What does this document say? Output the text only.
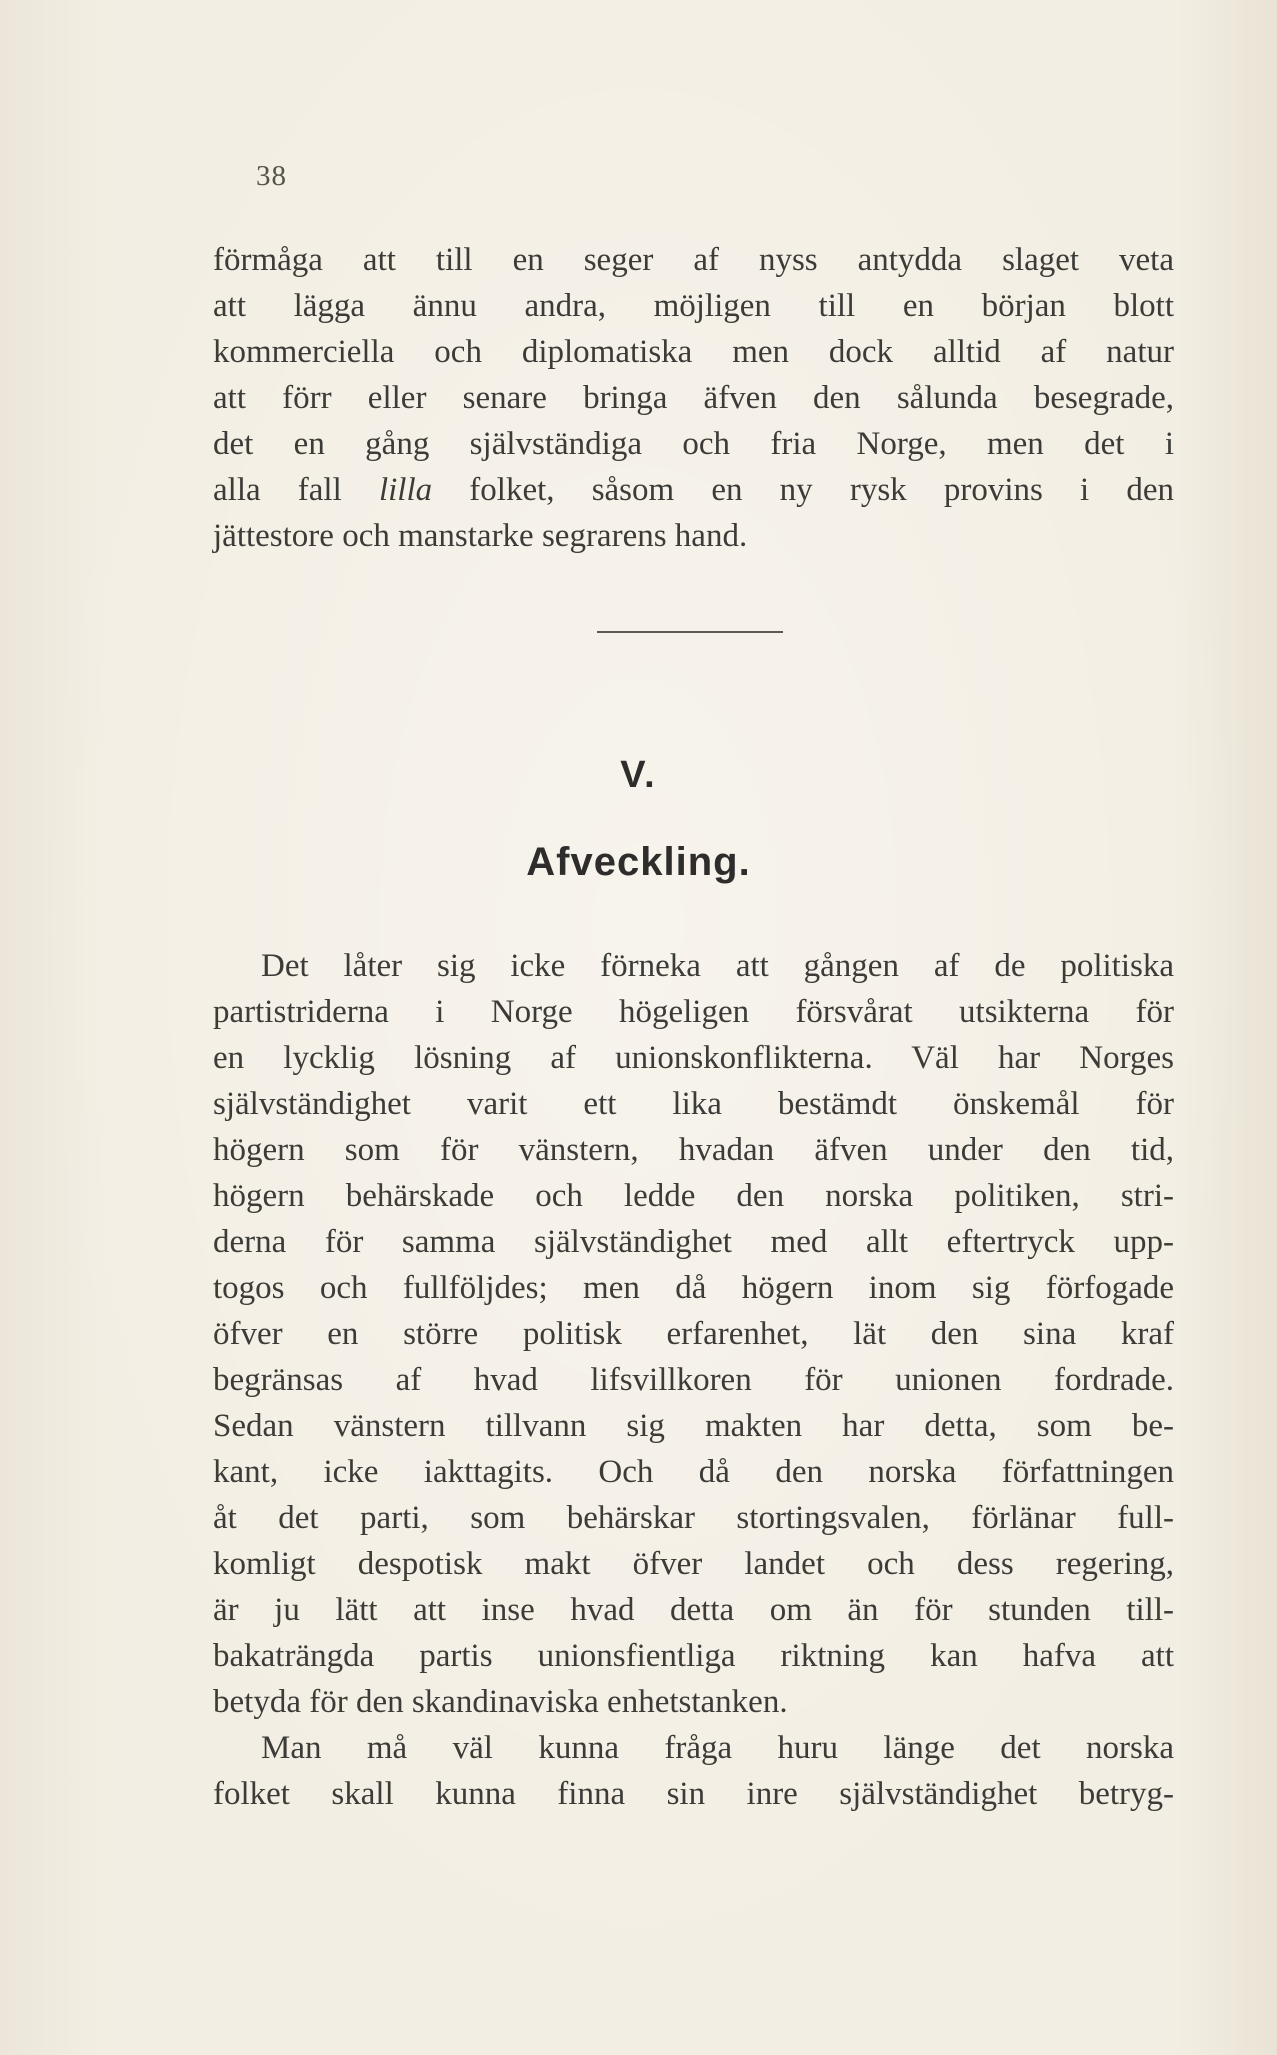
38
förmåga att till en seger af nyss antydda slaget veta
att lägga ännu andra, möjligen till en början blott
kommerciella och diplomatiska men dock alltid af natur
att förr eller senare bringa äfven den sålunda besegrade,
det en gång självständiga och fria Norge, men det i
alla fall lilla folket, såsom en ny rysk provins i den
jättestore och manstarke segrarens hand.
V.
Afveckling.
Det låter sig icke förneka att gången af de politiska
partistriderna i Norge högeligen försvårat utsikterna för
en lycklig lösning af unionskonflikterna. Väl har Norges
självständighet varit ett lika bestämdt önskemål för
högern som för vänstern, hvadan äfven under den tid,
högern behärskade och ledde den norska politiken, stri-
derna för samma självständighet med allt eftertryck upp-
togos och fullföljdes; men då högern inom sig förfogade
öfver en större politisk erfarenhet, lät den sina kraf
begränsas af hvad lifsvillkoren för unionen fordrade.
Sedan vänstern tillvann sig makten har detta, som be-
kant, icke iakttagits. Och då den norska författningen
åt det parti, som behärskar stortingsvalen, förlänar full-
komligt despotisk makt öfver landet och dess regering,
är ju lätt att inse hvad detta om än för stunden till-
bakaträngda partis unionsfientliga riktning kan hafva att
betyda för den skandinaviska enhetstanken.
Man må väl kunna fråga huru länge det norska
folket skall kunna finna sin inre självständighet betryg-
